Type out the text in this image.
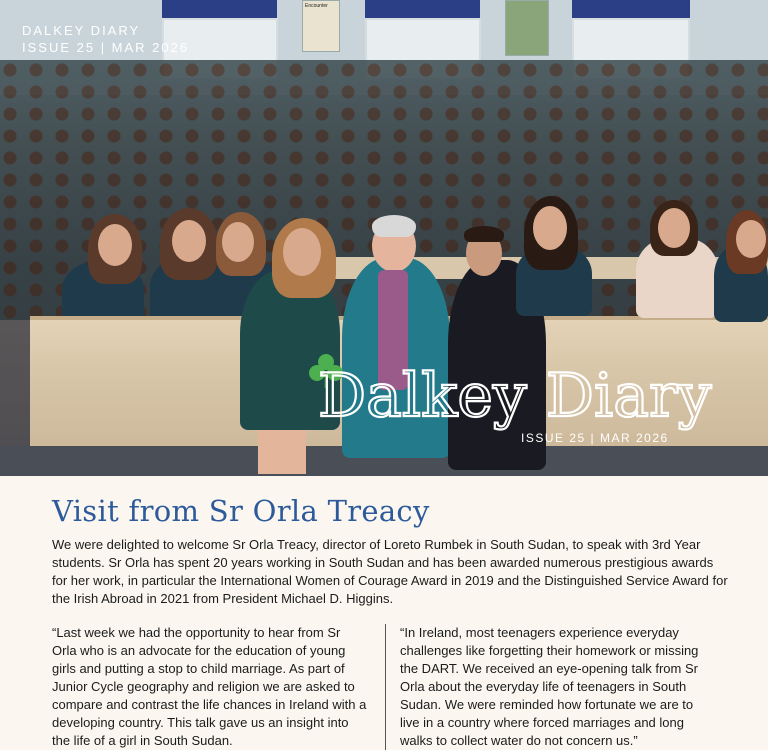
Encounter
DALKEY DIARY
ISSUE 25 | MAR 2026
Dalkey Diary
ISSUE 25 | MAR 2026
Visit from Sr Orla Treacy

We were delighted to welcome Sr Orla Treacy, director of Loreto Rumbek in South Sudan, to speak with 3rd Year students. Sr Orla has spent 20 years working in South Sudan and has been awarded numerous prestigious awards for her work, in particular the International Women of Courage Award in 2019 and the Distinguished Service Award for the Irish Abroad in 2021 from President Michael D. Higgins.

“Last week we had the opportunity to hear from Sr Orla who is an advocate for the education of young girls and putting a stop to child marriage. As part of Junior Cycle geography and religion we are asked to compare and contrast the life chances in Ireland with a developing country. This talk gave us an insight into the life of a girl in South Sudan.
“In Ireland, most teenagers experience everyday challenges like forgetting their homework or missing the DART. We received an eye-opening talk from Sr Orla about the everyday life of teenagers in South Sudan. We were reminded how fortunate we are to live in a country where forced marriages and long walks to collect water do not concern us.”
